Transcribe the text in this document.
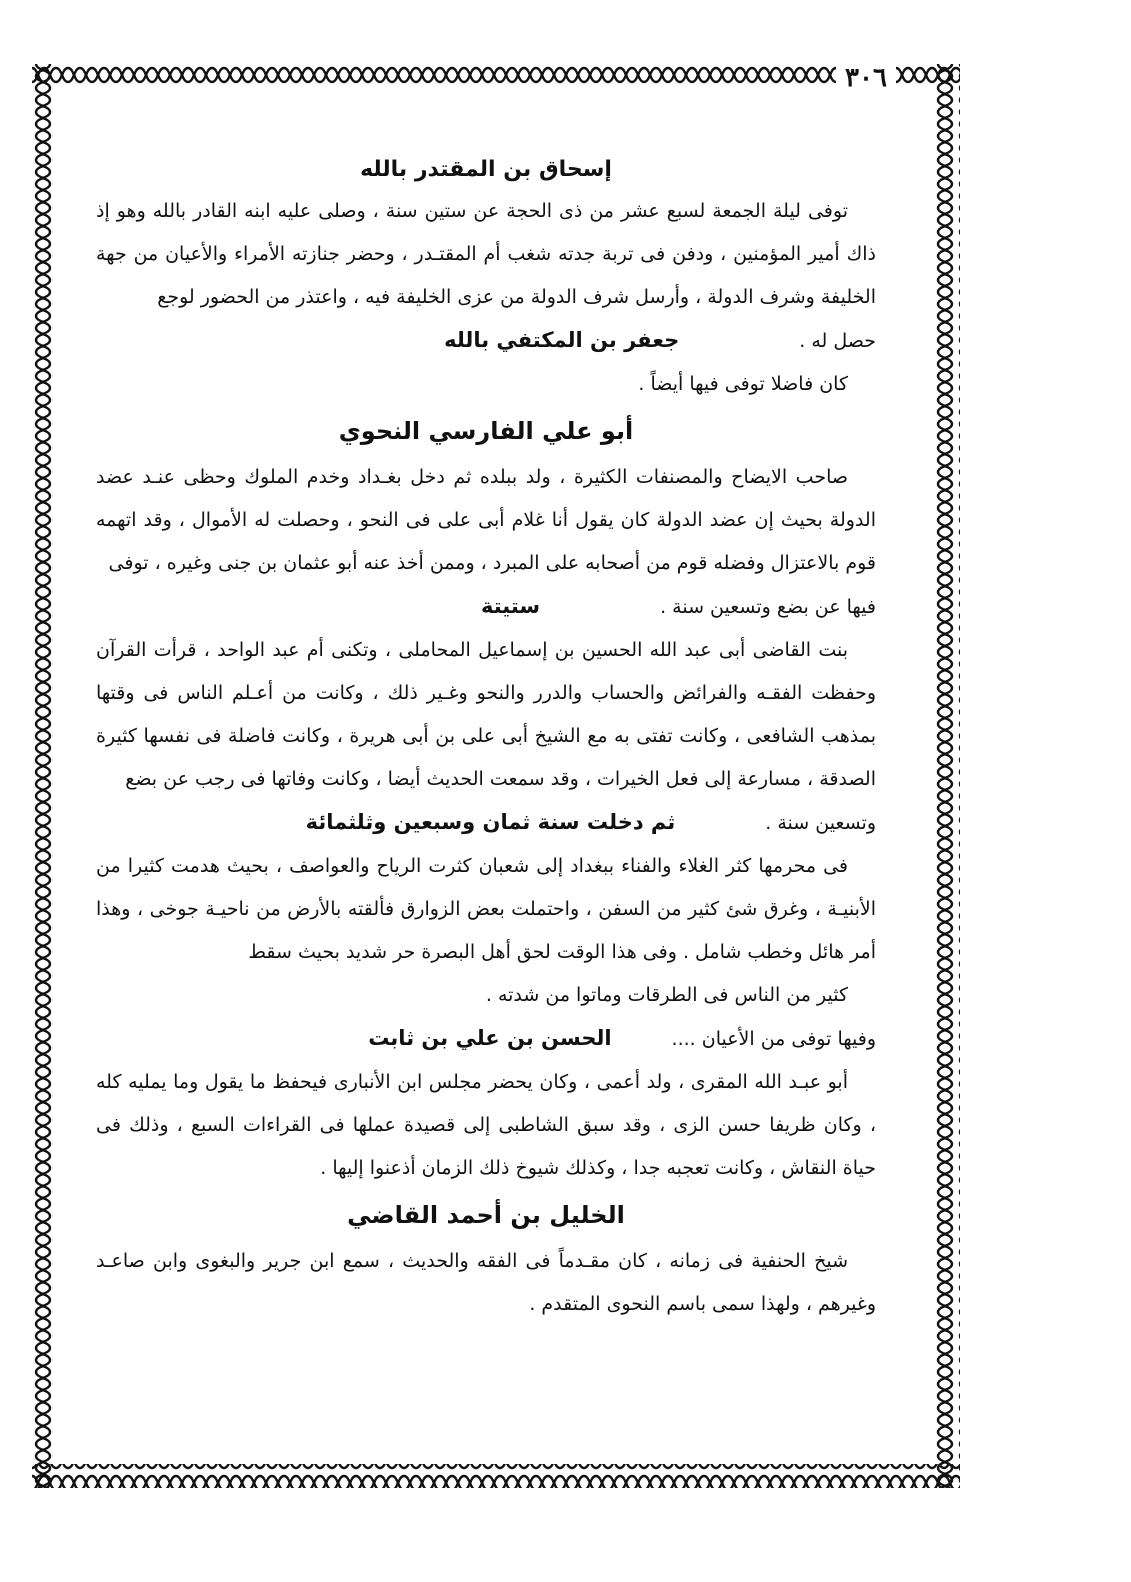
٣٠٦

إسحاق بن المقتدر بالله

توفى ليلة الجمعة لسبع عشر من ذى الحجة عن ستين سنة ، وصلى عليه ابنه القادر بالله وهو إذ ذاك أمير المؤمنين ، ودفن فى تربة جدته شغب أم المقتـدر ، وحضر جنازته الأمراء والأعيان من جهة الخليفة وشرف الدولة ، وأرسل شرف الدولة من عزى الخليفة فيه ، واعتذر من الحضور لوجع

حصل له .
جعفر بن المكتفي بالله

كان فاضلا توفى فيها أيضاً .

أبو علي الفارسي النحوي

صاحب الايضاح والمصنفات الكثيرة ، ولد ببلده ثم دخل بغـداد وخدم الملوك وحظى عنـد عضد الدولة بحيث إن عضد الدولة كان يقول أنا غلام أبى على فى النحو ، وحصلت له الأموال ، وقد اتهمه قوم بالاعتزال وفضله قوم من أصحابه على المبرد ، وممن أخذ عنه أبو عثمان بن جنى وغيره ، توفى

فيها عن بضع وتسعين سنة .
ستيتة

بنت القاضى أبى عبد الله الحسين بن إسماعيل المحاملى ، وتكنى أم عبد الواحد ، قرأت القرآن وحفظت الفقـه والفرائض والحساب والدرر والنحو وغـير ذلك ، وكانت من أعـلم الناس فى وقتها بمذهب الشافعى ، وكانت تفتى به مع الشيخ أبى على بن أبى هريرة ، وكانت فاضلة فى نفسها كثيرة الصدقة ، مسارعة إلى فعل الخيرات ، وقد سمعت الحديث أيضا ، وكانت وفاتها فى رجب عن بضع

وتسعين سنة .
ثم دخلت سنة ثمان وسبعين وثلثمائة

فى محرمها كثر الغلاء والفناء ببغداد إلى شعبان كثرت الرياح والعواصف ، بحيث هدمت كثيرا من الأبنيـة ، وغرق شئ كثير من السفن ، واحتملت بعض الزوارق فألقته بالأرض من ناحيـة جوخى ، وهذا أمر هائل وخطب شامل . وفى هذا الوقت لحق أهل البصرة حر شديد بحيث سقط

كثير من الناس فى الطرقات وماتوا من شدته .

وفيها توفى من الأعيان ....
الحسن بن علي بن ثابت

أبو عبـد الله المقرى ، ولد أعمى ، وكان يحضر مجلس ابن الأنبارى فيحفظ ما يقول وما يمليه كله ، وكان ظريفا حسن الزى ، وقد سبق الشاطبى إلى قصيدة عملها فى القراءات السبع ، وذلك فى حياة النقاش ، وكانت تعجبه جدا ، وكذلك شيوخ ذلك الزمان أذعنوا إليها .

الخليل بن أحمد القاضي

شيخ الحنفية فى زمانه ، كان مقـدماً فى الفقه والحديث ، سمع ابن جرير والبغوى وابن صاعـد وغيرهم ، ولهذا سمى باسم النحوى المتقدم .
